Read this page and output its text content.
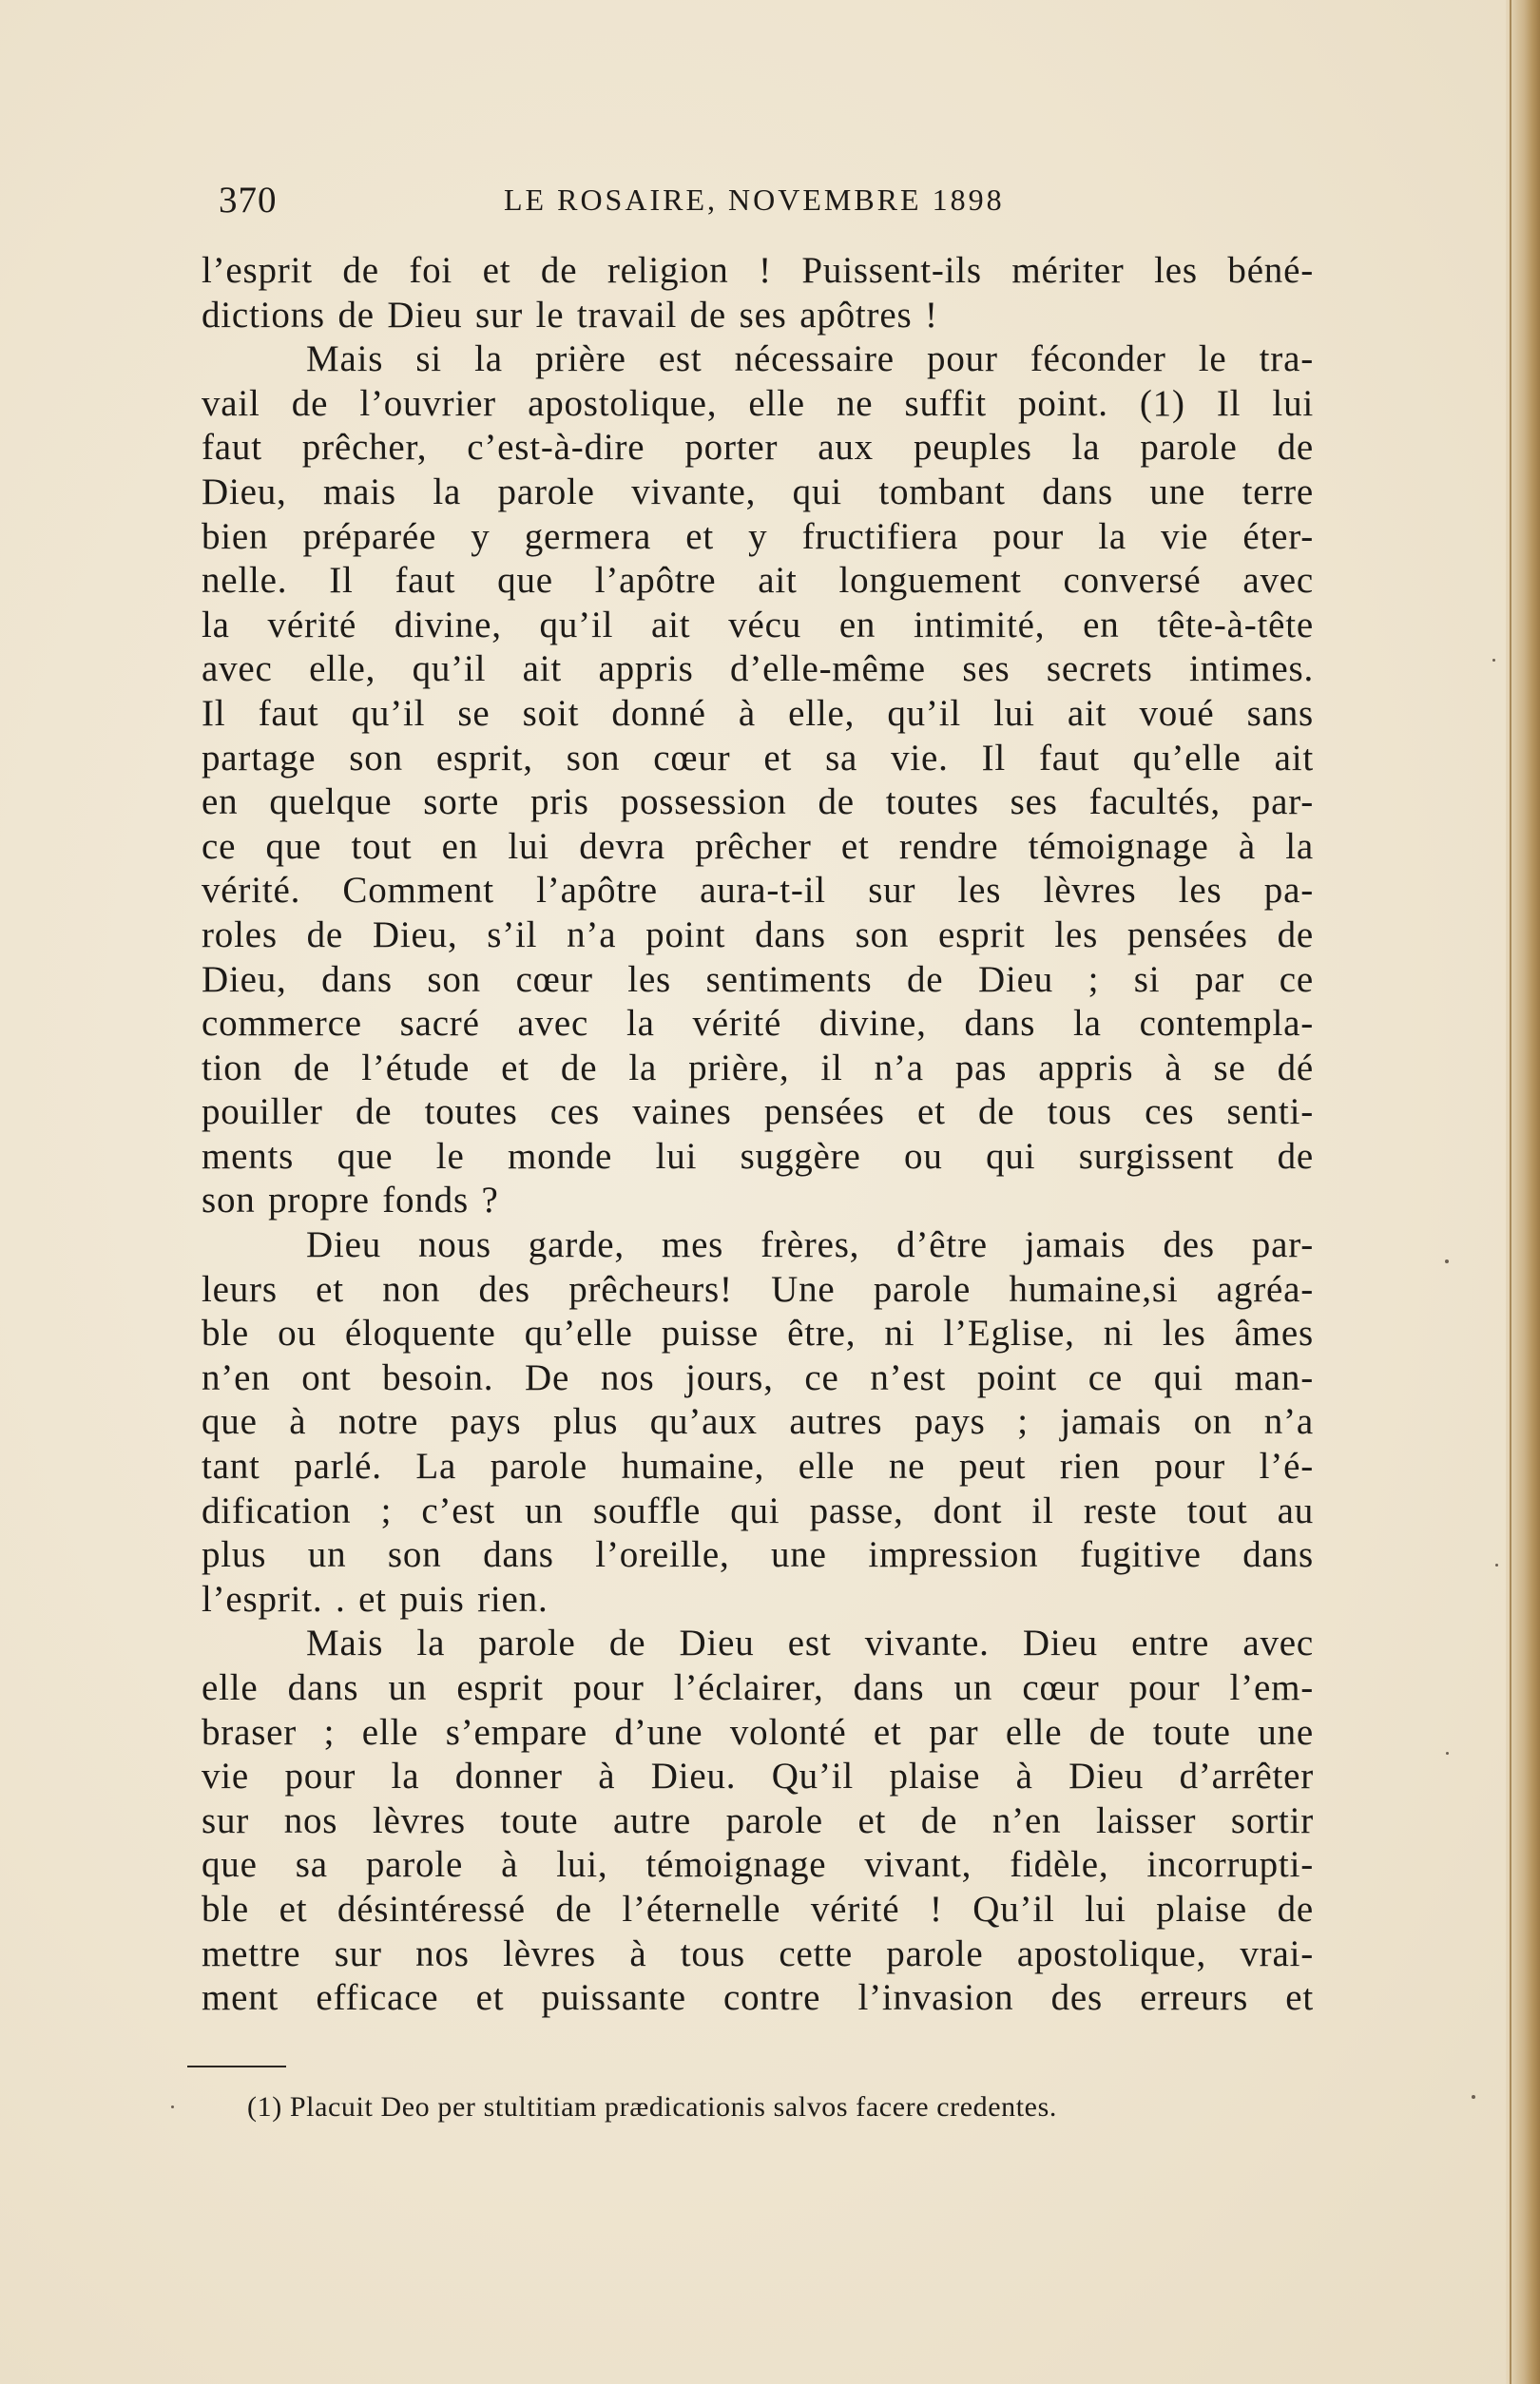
370	LE ROSAIRE, NOVEMBRE 1898
l’esprit de foi et de religion ! Puissent-ils mériter les béné-
dictions de Dieu sur le travail de ses apôtres !
Mais si la prière est nécessaire pour féconder le tra-
vail de l’ouvrier apostolique, elle ne suffit point. (1) Il lui
faut prêcher, c’est-à-dire porter aux peuples la parole de
Dieu, mais la parole vivante, qui tombant dans une terre
bien préparée y germera et y fructifiera pour la vie éter-
nelle. Il faut que l’apôtre ait longuement conversé avec
la vérité divine, qu’il ait vécu en intimité, en tête-à-tête
avec elle, qu’il ait appris d’elle-même ses secrets intimes.
Il faut qu’il se soit donné à elle, qu’il lui ait voué sans
partage son esprit, son cœur et sa vie. Il faut qu’elle ait
en quelque sorte pris possession de toutes ses facultés, par-
ce que tout en lui devra prêcher et rendre témoignage à la
vérité. Comment l’apôtre aura-t-il sur les lèvres les pa-
roles de Dieu, s’il n’a point dans son esprit les pensées de
Dieu, dans son cœur les sentiments de Dieu ; si par ce
commerce sacré avec la vérité divine, dans la contempla-
tion de l’étude et de la prière, il n’a pas appris à se dé
pouiller de toutes ces vaines pensées et de tous ces senti-
ments que le monde lui suggère ou qui surgissent de
son propre fonds ?
Dieu nous garde, mes frères, d’être jamais des par-
leurs et non des prêcheurs! Une parole humaine,si agréa-
ble ou éloquente qu’elle puisse être, ni l’Eglise, ni les âmes
n’en ont besoin. De nos jours, ce n’est point ce qui man-
que à notre pays plus qu’aux autres pays ; jamais on n’a
tant parlé. La parole humaine, elle ne peut rien pour l’é-
dification ; c’est un souffle qui passe, dont il reste tout au
plus un son dans l’oreille, une impression fugitive dans
l’esprit. . et puis rien.
Mais la parole de Dieu est vivante. Dieu entre avec
elle dans un esprit pour l’éclairer, dans un cœur pour l’em-
braser ; elle s’empare d’une volonté et par elle de toute une
vie pour la donner à Dieu. Qu’il plaise à Dieu d’arrêter
sur nos lèvres toute autre parole et de n’en laisser sortir
que sa parole à lui, témoignage vivant, fidèle, incorrupti-
ble et désintéressé de l’éternelle vérité ! Qu’il lui plaise de
mettre sur nos lèvres à tous cette parole apostolique, vrai-
ment efficace et puissante contre l’invasion des erreurs et
(1) Placuit Deo per stultitiam prædicationis salvos facere credentes.
